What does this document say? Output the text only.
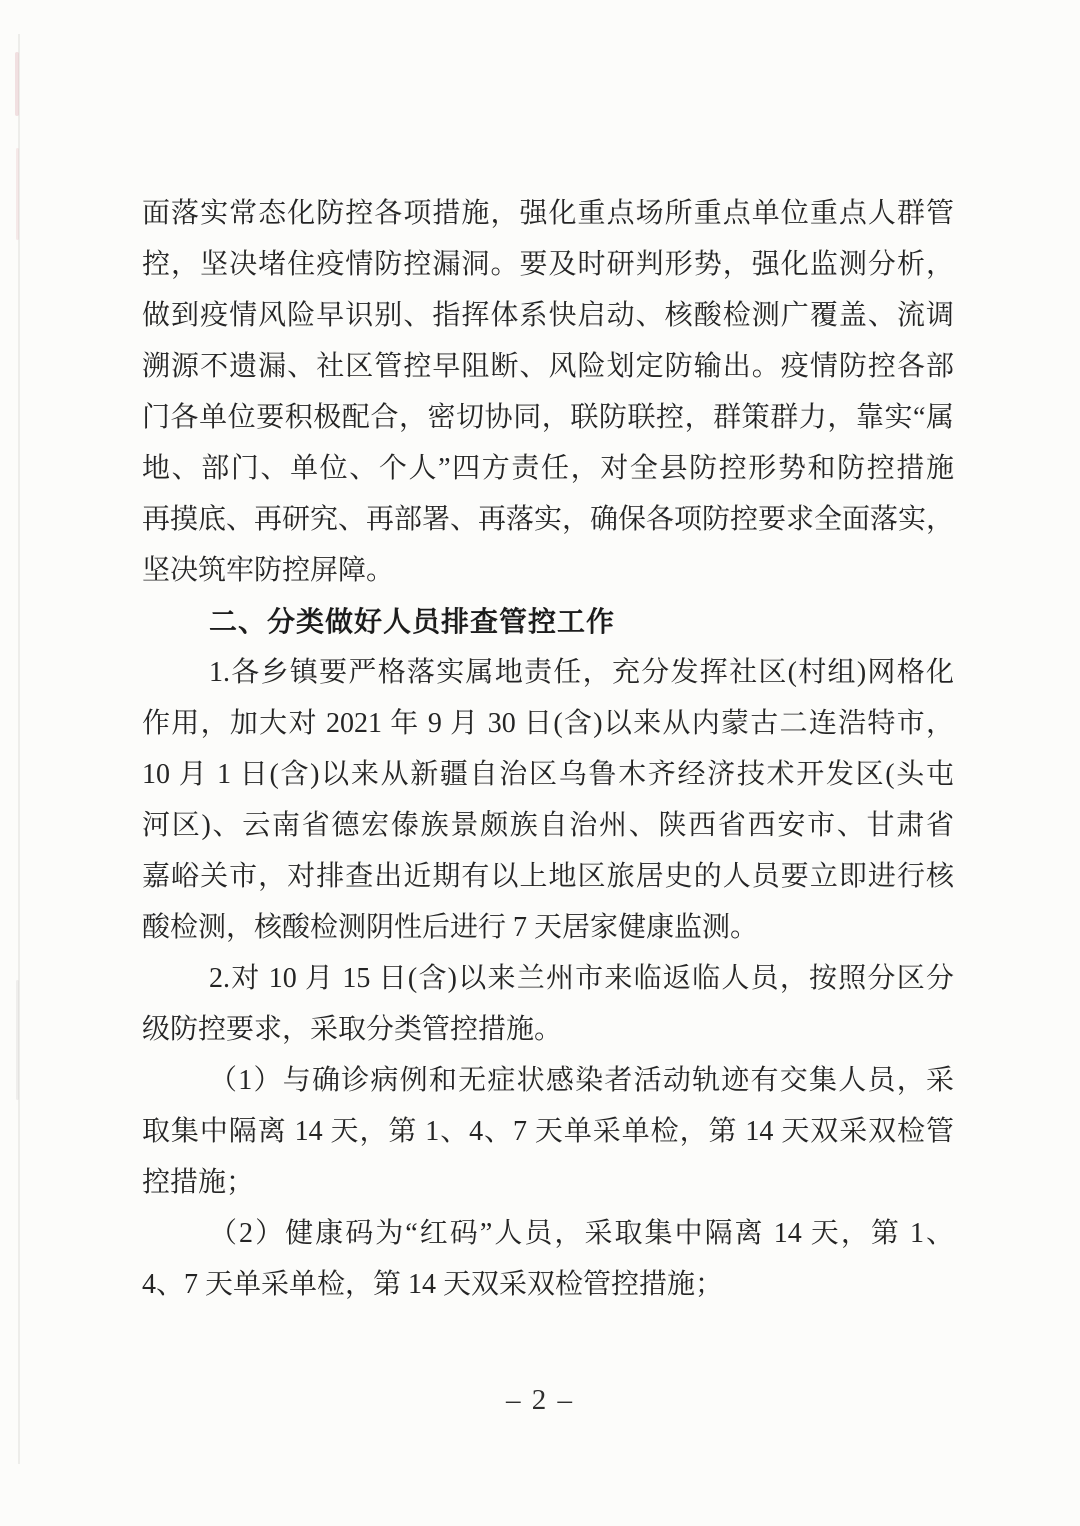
面落实常态化防控各项措施，强化重点场所重点单位重点人群管
控，坚决堵住疫情防控漏洞。要及时研判形势，强化监测分析，
做到疫情风险早识别、指挥体系快启动、核酸检测广覆盖、流调
溯源不遗漏、社区管控早阻断、风险划定防输出。疫情防控各部
门各单位要积极配合，密切协同，联防联控，群策群力，靠实“属
地、部门、单位、个人”四方责任，对全县防控形势和防控措施
再摸底、再研究、再部署、再落实，确保各项防控要求全面落实，
坚决筑牢防控屏障。
二、分类做好人员排查管控工作
1.各乡镇要严格落实属地责任，充分发挥社区(村组)网格化
作用，加大对 2021 年 9 月 30 日(含)以来从内蒙古二连浩特市，
10 月 1 日(含)以来从新疆自治区乌鲁木齐经济技术开发区(头屯
河区)、云南省德宏傣族景颇族自治州、陕西省西安市、甘肃省
嘉峪关市，对排查出近期有以上地区旅居史的人员要立即进行核
酸检测，核酸检测阴性后进行 7 天居家健康监测。
2.对 10 月 15 日(含)以来兰州市来临返临人员，按照分区分
级防控要求，采取分类管控措施。
（1）与确诊病例和无症状感染者活动轨迹有交集人员，采
取集中隔离 14 天，第 1、4、7 天单采单检，第 14 天双采双检管
控措施；
（2）健康码为“红码”人员，采取集中隔离 14 天，第 1、
4、7 天单采单检，第 14 天双采双检管控措施；
– 2 –
